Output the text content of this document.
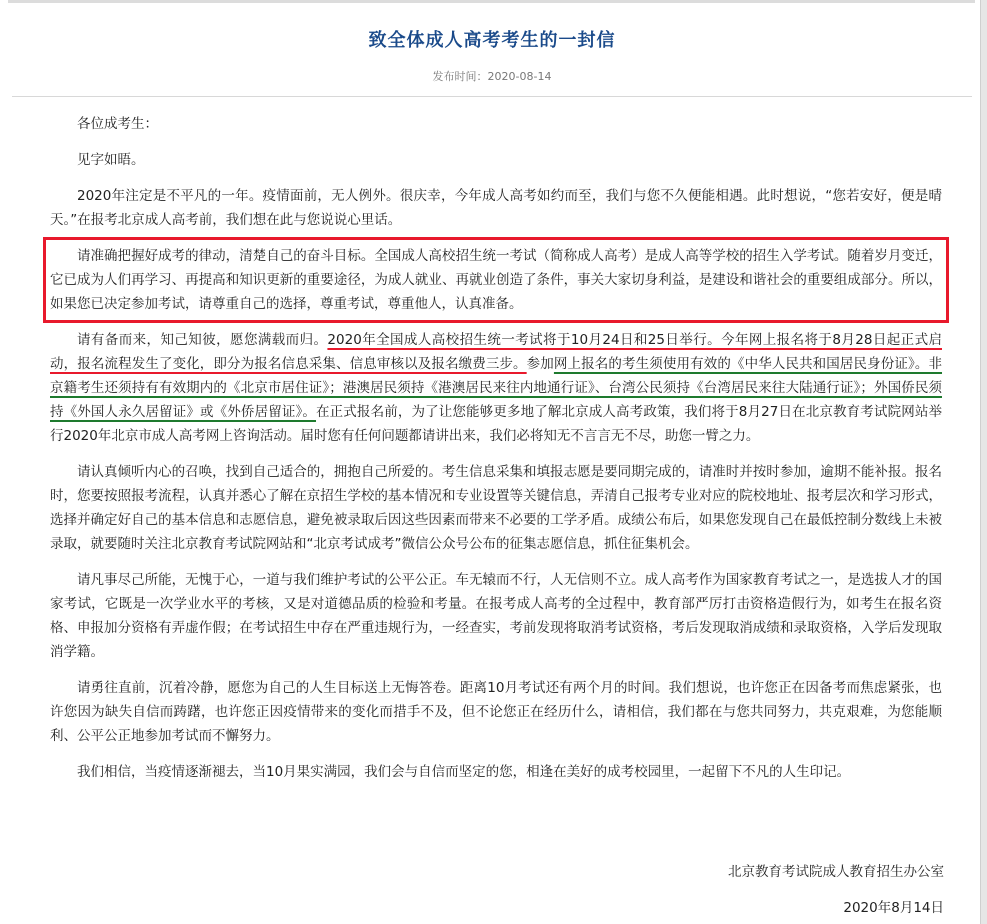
致全体成人高考考生的一封信
发布时间：2020-08-14

各位成考生：

见字如晤。

2020年注定是不平凡的一年。疫情面前，无人例外。很庆幸，今年成人高考如约而至，我们与您不久便能相遇。此时想说，“您若安好，便是晴天。”在报考北京成人高考前，我们想在此与您说说心里话。

请准确把握好成考的律动，清楚自己的奋斗目标。全国成人高校招生统一考试（简称成人高考）是成人高等学校的招生入学考试。随着岁月变迁，它已成为人们再学习、再提高和知识更新的重要途径，为成人就业、再就业创造了条件，事关大家切身利益，是建设和谐社会的重要组成部分。所以，如果您已决定参加考试，请尊重自己的选择，尊重考试，尊重他人，认真准备。

请有备而来，知己知彼，愿您满载而归。2020年全国成人高校招生统一考试将于10月24日和25日举行。今年网上报名将于8月28日起正式启动，报名流程发生了变化，即分为报名信息采集、信息审核以及报名缴费三步。参加网上报名的考生须使用有效的《中华人民共和国居民身份证》。非京籍考生还须持有有效期内的《北京市居住证》；港澳居民须持《港澳居民来往内地通行证》、台湾公民须持《台湾居民来往大陆通行证》；外国侨民须持《外国人永久居留证》或《外侨居留证》。在正式报名前，为了让您能够更多地了解北京成人高考政策，我们将于8月27日在北京教育考试院网站举行2020年北京市成人高考网上咨询活动。届时您有任何问题都请讲出来，我们必将知无不言言无不尽，助您一臂之力。

请认真倾听内心的召唤，找到自己适合的，拥抱自己所爱的。考生信息采集和填报志愿是要同期完成的，请准时并按时参加，逾期不能补报。报名时，您要按照报考流程，认真并悉心了解在京招生学校的基本情况和专业设置等关键信息，弄清自己报考专业对应的院校地址、报考层次和学习形式，选择并确定好自己的基本信息和志愿信息，避免被录取后因这些因素而带来不必要的工学矛盾。成绩公布后，如果您发现自己在最低控制分数线上未被录取，就要随时关注北京教育考试院网站和“北京考试成考”微信公众号公布的征集志愿信息，抓住征集机会。

请凡事尽己所能，无愧于心，一道与我们维护考试的公平公正。车无辕而不行，人无信则不立。成人高考作为国家教育考试之一，是选拔人才的国家考试，它既是一次学业水平的考核，又是对道德品质的检验和考量。在报考成人高考的全过程中，教育部严厉打击资格造假行为，如考生在报名资格、申报加分资格有弄虚作假；在考试招生中存在严重违规行为，一经查实，考前发现将取消考试资格，考后发现取消成绩和录取资格，入学后发现取消学籍。

请勇往直前，沉着冷静，愿您为自己的人生目标送上无悔答卷。距离10月考试还有两个月的时间。我们想说，也许您正在因备考而焦虑紧张，也许您因为缺失自信而踌躇，也许您正因疫情带来的变化而措手不及，但不论您正在经历什么，请相信，我们都在与您共同努力，共克艰难，为您能顺利、公平公正地参加考试而不懈努力。

我们相信，当疫情逐渐褪去，当10月果实满园，我们会与自信而坚定的您，相逢在美好的成考校园里，一起留下不凡的人生印记。

北京教育考试院成人教育招生办公室
2020年8月14日
